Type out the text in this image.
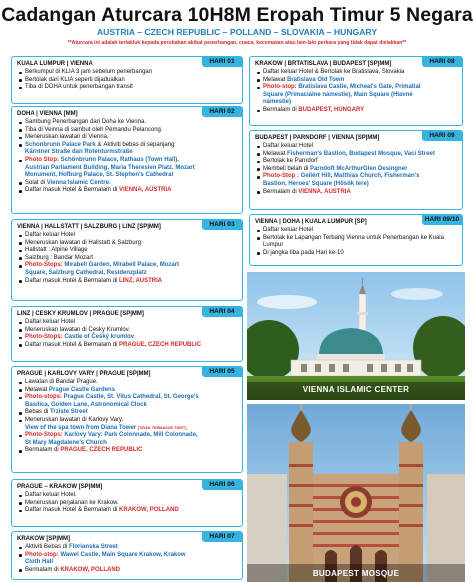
Cadangan Aturcara 10H8M Eropah Timur 5 Negara
AUSTRIA – CZECH REPUBLIC – POLLAND – SLOVAKIA – HUNGARY
**Aturcara ini adalah tertakluk kepada perubahan akibat penerbangan, cuaca, kecemasan atau lain-lain perkara yang tidak dapat dielakkan**
HARI 01
KUALA LUMPUR | VIENNA
Berkumpul di KLIA 3 jam sebelum penerbangan
Bertolak dari KLIA seperti dijadualkan
Tiba di DOHA untuk penerbangan transit
HARI 02
DOHA | VIENNA [MM]
Sambung Penerbangan dari Doha ke Vienna.
Tiba di Veinna di sambut oleh Pemandu Pelancong.
Meneruskan lawatan di Vienna.
Schonbrunn Palace Park & Aktiviti bebas di sepanjang
Kärntner Straße dan Rotenturmstraße
Photo Stop: Schönbrunn Palace, Rathaus (Town Hall),
Austrian Parliament Building, Maria Theresien Platz, Mozart
Monument, Hofburg Palace, St. Stephen's Cathedral
Solat di Vienna Islamic Centre.
Daftar masuk Hotel & Bermalam di VIENNA, AUSTRIA
HARI 03
VIENNA | HALLSTATT | SALZBURG | LINZ [SP|MM]
Daftar keluar Hotel
Meneruskan lawatan di Hallstatt & Salzburg
Hallstatt : Alpine Village
Salzburg : Bandar Mozart
Photo-Stops: Mirabell Garden, Mirabell Palace, Mozart
Square, Salzburg Cathedral, Residenzplatz
Daftar masuk Hotel & Bermalam di LINZ, AUSTRIA
HARI 04
LINZ | CESKY KRUMLOV | PRAGUE [SP|MM]
Daftar keluar Hotel
Meneruskan lawatan di Cesky Krumlov.
Photo-Stops: Castle of Český krumlov
Daftar masuk Hotel & Bermalam di PRAGUE, CZECH REPUBLIC
HARI 05
PRAGUE | KARLOVY VARY | PRAGUE [SP|MM]
Lawatan di Bandar Prague.
Melawat Prague Castle Gardens
Photo-stops: Prague Castle, St. Vitus Cathedral, St. George's
Basilica, Golden Lane, Astronomical Clock
Bebas di Trziste Street
Meneruskan lawatan di Karlovy Vary.
View of the spa town from Diana Tower [TIDAK TERMASUK TIKET]
Photo-Stops: Karlovy Vary: Park Colonnade, Mill Colonnade,
St Mary Magdalene's Church
Bermalam di PRAGUE, CZECH REPUBLIC
HARI 06
PRAGUE – KRAKOW [SP|MM]
Daftar keluar Hotel.
Meneruskan perjalanan ke Krakow.
Daftar masuk Hotel & Bermalam di KRAKOW, POLLAND
HARI 07
KRAKOW [SP|MM]
Aktiviti Bebas di Florianska Street
Photo-stop: Wawel Castle, Main Square Krakow, Krakow
Cloth Hall
Bermalam di KRAKOW, POLLAND
HARI 08
KRAKOW | BRTATISLAVA | BUDAPEST [SP|MM]
Daftar keluar Hotel & Bertolak ke Bratislava, Slovakia
Melawat Bratislava Old Town
Photo-stop: Bratislava Castle, Micheal's Gate, Primatial
Square (Primaciálne námestie), Main Square (Hlavné
námestie)
Bermalam di BUDAPEST, HUNGARY
HARI 09
BUDAPEST | PARNDORF | VIENNA [SP|MM]
Daftar keluar Hotel
Melawat Fisherman's Bastion, Budapest Mosque, Vaci Street
Bertolak ke Parndorf
Membeli belah di Parndoft McArthurGlen Desingner
Photo-Stop : Gellért Hill, Matthias Church, Fisherman's
Bastion, Heroes' Square (Hősök tere)
Bermalam di VIENNA, AUSTRIA
HARI 09/10
VIENNA | DOHA | KUALA LUMPUR [SP]
Daftar keluar Hotel
Bertolak ke Lapangan Terbang Vienna untuk Penerbangan ke Kuala
Lumpur
Di jangka tiba pada Hari ke-10
VIENNA ISLAMIC CENTER
BUDAPEST MOSQUE
